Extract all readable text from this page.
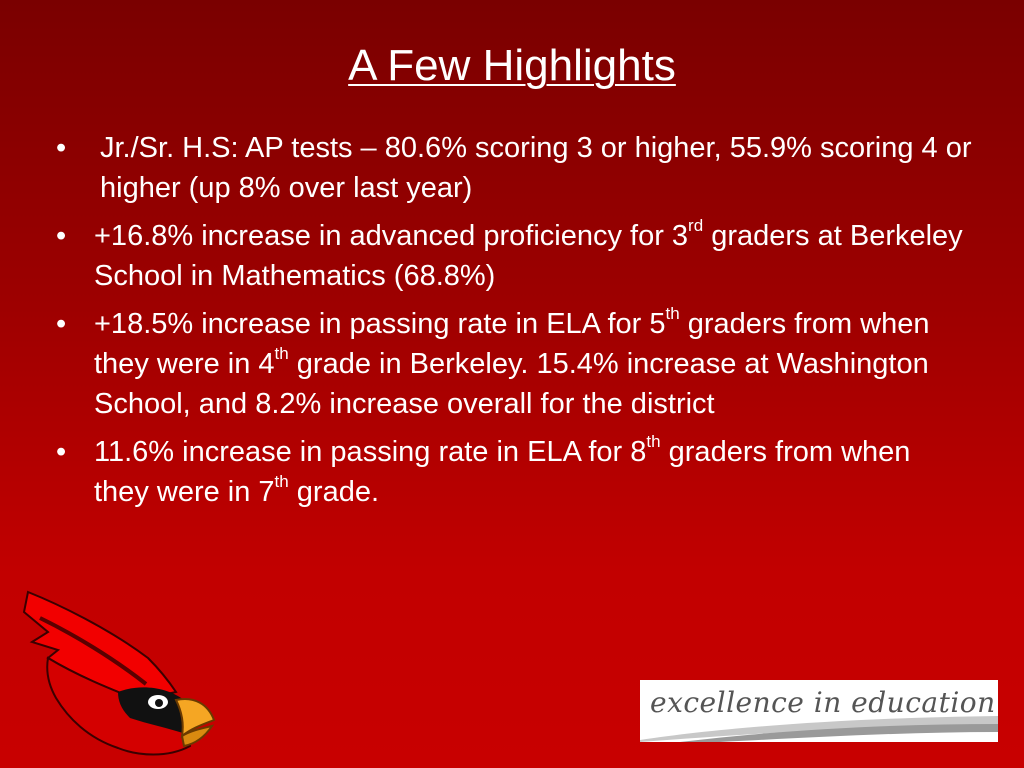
A Few Highlights
• Jr./Sr. H.S: AP tests – 80.6% scoring 3 or higher, 55.9% scoring 4 or higher (up 8% over last year)
• +16.8% increase in advanced proficiency for 3rd graders at Berkeley School in Mathematics (68.8%)
• +18.5% increase in passing rate in ELA for 5th graders from when they were in 4th grade in Berkeley. 15.4% increase at Washington School, and 8.2% increase overall for the district
• 11.6% increase in passing rate in ELA for 8th graders from when they were in 7th grade.
excellence in education
